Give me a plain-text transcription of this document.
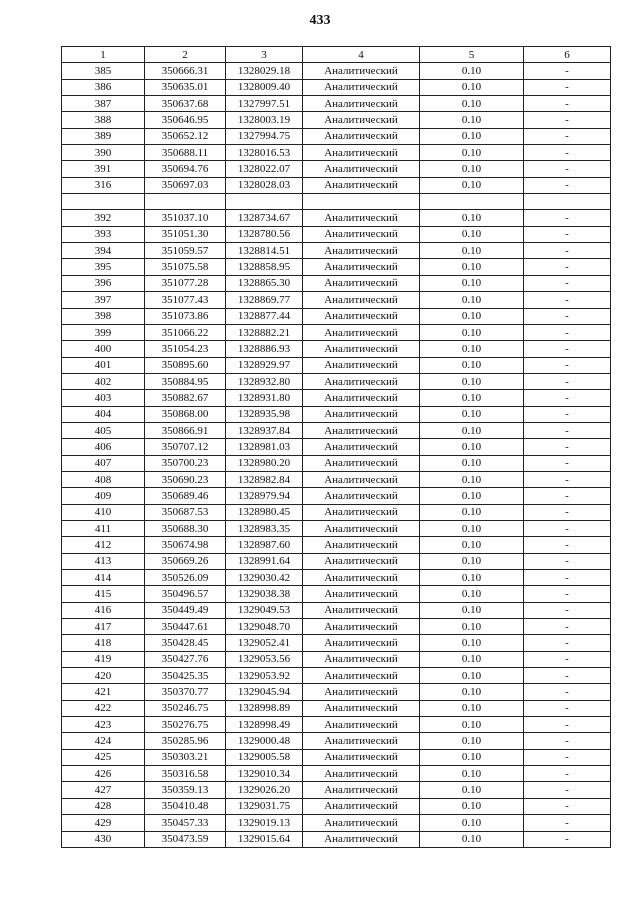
433
1	2	3	4	5	6
385	350666.31	1328029.18	Аналитический	0.10	-
386	350635.01	1328009.40	Аналитический	0.10	-
387	350637.68	1327997.51	Аналитический	0.10	-
388	350646.95	1328003.19	Аналитический	0.10	-
389	350652.12	1327994.75	Аналитический	0.10	-
390	350688.11	1328016.53	Аналитический	0.10	-
391	350694.76	1328022.07	Аналитический	0.10	-
316	350697.03	1328028.03	Аналитический	0.10	-

392	351037.10	1328734.67	Аналитический	0.10	-
393	351051.30	1328780.56	Аналитический	0.10	-
394	351059.57	1328814.51	Аналитический	0.10	-
395	351075.58	1328858.95	Аналитический	0.10	-
396	351077.28	1328865.30	Аналитический	0.10	-
397	351077.43	1328869.77	Аналитический	0.10	-
398	351073.86	1328877.44	Аналитический	0.10	-
399	351066.22	1328882.21	Аналитический	0.10	-
400	351054.23	1328886.93	Аналитический	0.10	-
401	350895.60	1328929.97	Аналитический	0.10	-
402	350884.95	1328932.80	Аналитический	0.10	-
403	350882.67	1328931.80	Аналитический	0.10	-
404	350868.00	1328935.98	Аналитический	0.10	-
405	350866.91	1328937.84	Аналитический	0.10	-
406	350707.12	1328981.03	Аналитический	0.10	-
407	350700.23	1328980.20	Аналитический	0.10	-
408	350690.23	1328982.84	Аналитический	0.10	-
409	350689.46	1328979.94	Аналитический	0.10	-
410	350687.53	1328980.45	Аналитический	0.10	-
411	350688.30	1328983.35	Аналитический	0.10	-
412	350674.98	1328987.60	Аналитический	0.10	-
413	350669.26	1328991.64	Аналитический	0.10	-
414	350526.09	1329030.42	Аналитический	0.10	-
415	350496.57	1329038.38	Аналитический	0.10	-
416	350449.49	1329049.53	Аналитический	0.10	-
417	350447.61	1329048.70	Аналитический	0.10	-
418	350428.45	1329052.41	Аналитический	0.10	-
419	350427.76	1329053.56	Аналитический	0.10	-
420	350425.35	1329053.92	Аналитический	0.10	-
421	350370.77	1329045.94	Аналитический	0.10	-
422	350246.75	1328998.89	Аналитический	0.10	-
423	350276.75	1328998.49	Аналитический	0.10	-
424	350285.96	1329000.48	Аналитический	0.10	-
425	350303.21	1329005.58	Аналитический	0.10	-
426	350316.58	1329010.34	Аналитический	0.10	-
427	350359.13	1329026.20	Аналитический	0.10	-
428	350410.48	1329031.75	Аналитический	0.10	-
429	350457.33	1329019.13	Аналитический	0.10	-
430	350473.59	1329015.64	Аналитический	0.10	-
